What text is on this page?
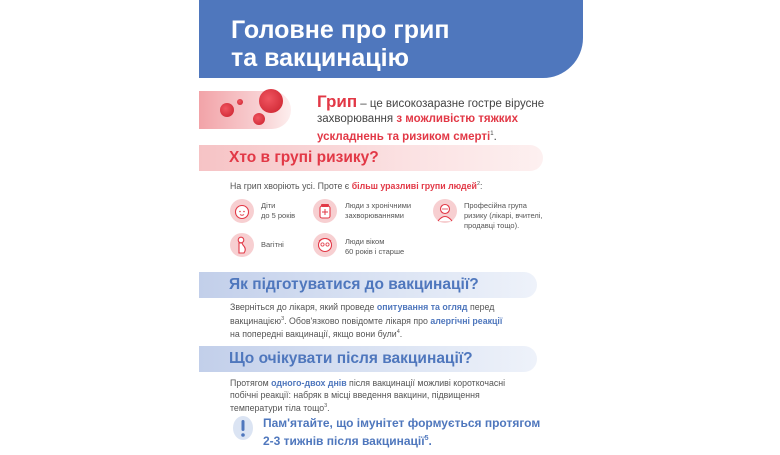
Головне про грип
та вакцинацію
Грип – це високозаразне гостре вірусне захворювання з можливістю тяжких ускладнень та ризиком смерті$^1$.
Хто в групі ризику?
На грип хворіють усі. Проте є більш уразливі групи людей$^2$:
Діти
до 5 років
Люди з хронічними
захворюваннями
Професійна група
ризику (лікарі, вчителі,
продавці тощо).
Вагітні	Люди віком
60 років і старше
Як підготуватися до вакцинації?
Зверніться до лікаря, який проведе опитування та огляд перед
вакцинацією$^3$. Обов'язково повідомте лікаря про алергічні реакції
на попередні вакцинації, якщо вони були$^4$.
Що очікувати після вакцинації?
Протягом одного-двох днів після вакцинації можливі короткочасні
побічні реакції: набряк в місці введення вакцини, підвищення
температури тіла тощо$^3$.
Пам'ятайте, що імунітет формується протягом
2-3 тижнів після вакцинації$^5$.
